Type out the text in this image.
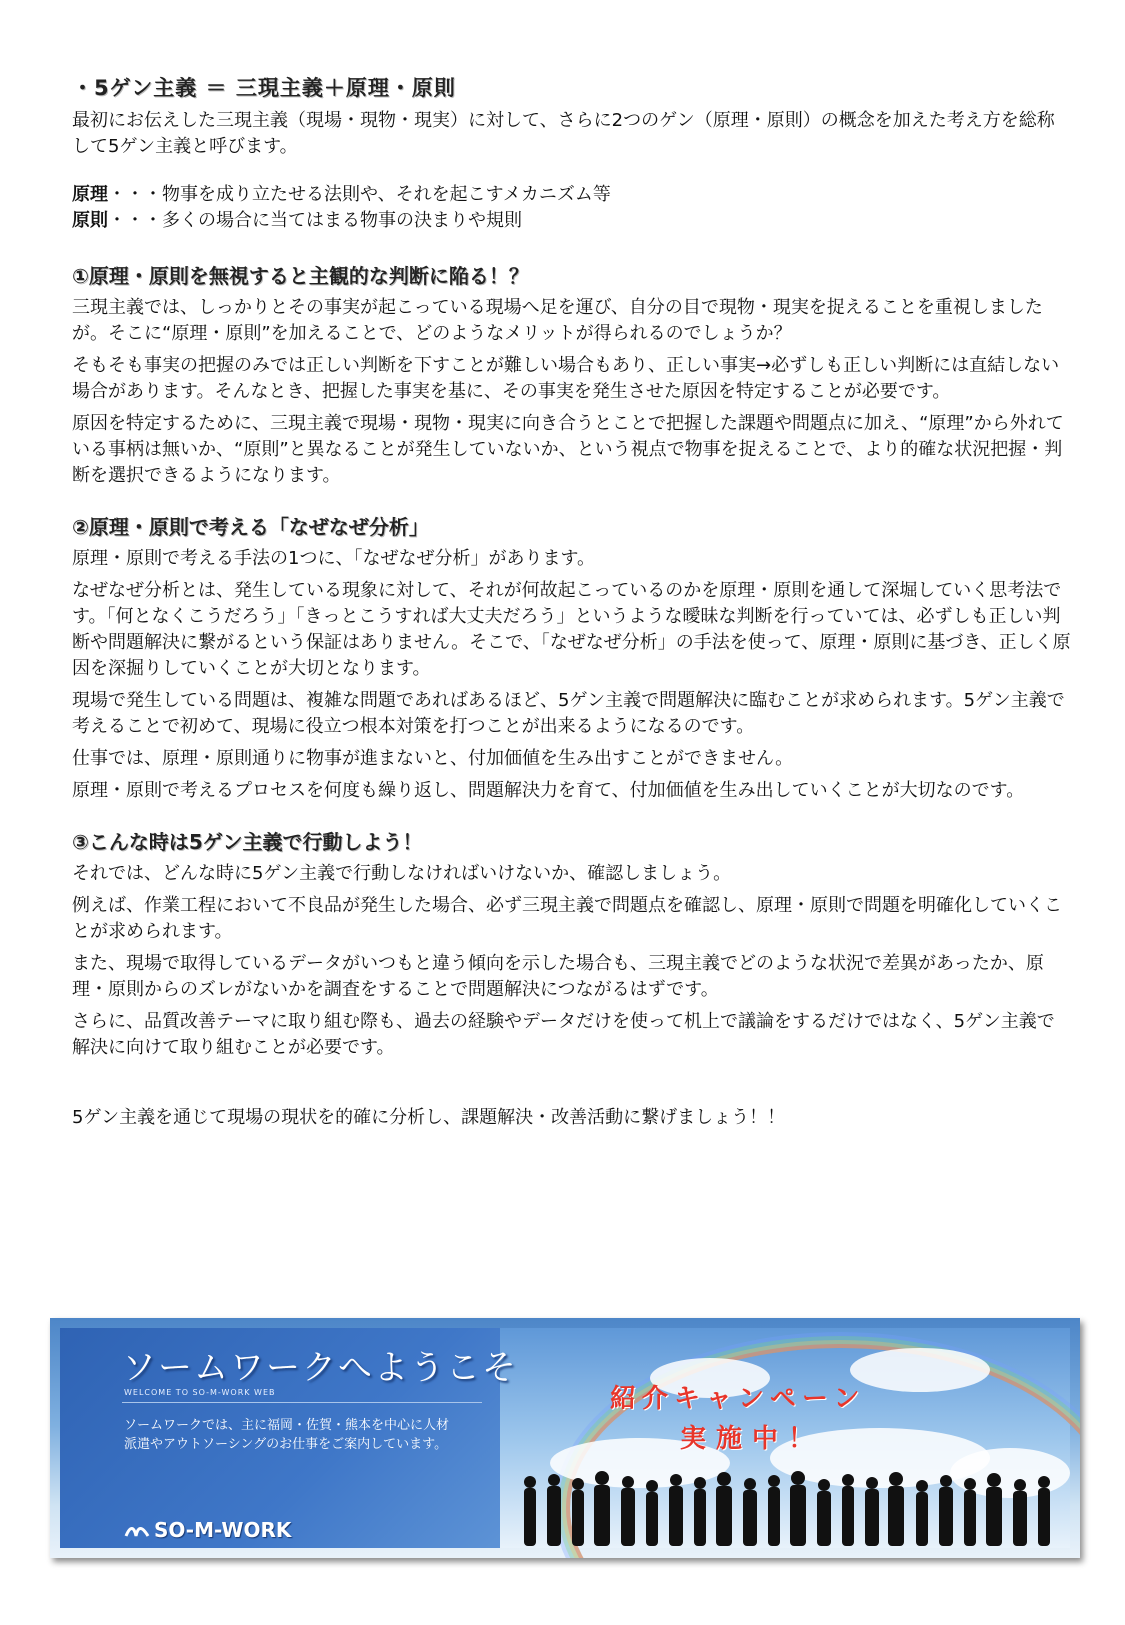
・5ゲン主義 ＝ 三現主義＋原理・原則
最初にお伝えした三現主義（現場・現物・現実）に対して、さらに2つのゲン（原理・原則）の概念を加えた考え方を総称して5ゲン主義と呼びます。
原理・・・物事を成り立たせる法則や、それを起こすメカニズム等
原則・・・多くの場合に当てはまる物事の決まりや規則
①原理・原則を無視すると主観的な判断に陥る！？
三現主義では、しっかりとその事実が起こっている現場へ足を運び、自分の目で現物・現実を捉えることを重視しましたが。そこに“原理・原則”を加えることで、どのようなメリットが得られるのでしょうか？
そもそも事実の把握のみでは正しい判断を下すことが難しい場合もあり、正しい事実→必ずしも正しい判断には直結しない場合があります。そんなとき、把握した事実を基に、その事実を発生させた原因を特定することが必要です。
原因を特定するために、三現主義で現場・現物・現実に向き合うとことで把握した課題や問題点に加え、“原理”から外れている事柄は無いか、“原則”と異なることが発生していないか、という視点で物事を捉えることで、より的確な状況把握・判断を選択できるようになります。
②原理・原則で考える「なぜなぜ分析」
原理・原則で考える手法の1つに、「なぜなぜ分析」があります。
なぜなぜ分析とは、発生している現象に対して、それが何故起こっているのかを原理・原則を通して深堀していく思考法です。「何となくこうだろう」「きっとこうすれば大丈夫だろう」というような曖昧な判断を行っていては、必ずしも正しい判断や問題解決に繋がるという保証はありません。そこで、「なぜなぜ分析」の手法を使って、原理・原則に基づき、正しく原因を深掘りしていくことが大切となります。
現場で発生している問題は、複雑な問題であればあるほど、5ゲン主義で問題解決に臨むことが求められます。5ゲン主義で考えることで初めて、現場に役立つ根本対策を打つことが出来るようになるのです。
仕事では、原理・原則通りに物事が進まないと、付加価値を生み出すことができません。
原理・原則で考えるプロセスを何度も繰り返し、問題解決力を育て、付加価値を生み出していくことが大切なのです。
③こんな時は5ゲン主義で行動しよう！
それでは、どんな時に5ゲン主義で行動しなければいけないか、確認しましょう。
例えば、作業工程において不良品が発生した場合、必ず三現主義で問題点を確認し、原理・原則で問題を明確化していくことが求められます。
また、現場で取得しているデータがいつもと違う傾向を示した場合も、三現主義でどのような状況で差異があったか、原理・原則からのズレがないかを調査をすることで問題解決につながるはずです。
さらに、品質改善テーマに取り組む際も、過去の経験やデータだけを使って机上で議論をするだけではなく、5ゲン主義で解決に向けて取り組むことが必要です。
5ゲン主義を通じて現場の現状を的確に分析し、課題解決・改善活動に繋げましょう！！
ソームワークへようこそ
WELCOME TO SO-M-WORK WEB
ソームワークでは、主に福岡・佐賀・熊本を中心に人材派遣やアウトソーシングのお仕事をご案内しています。
SO-M-WORK
紹介キャンペーン
実施中！
